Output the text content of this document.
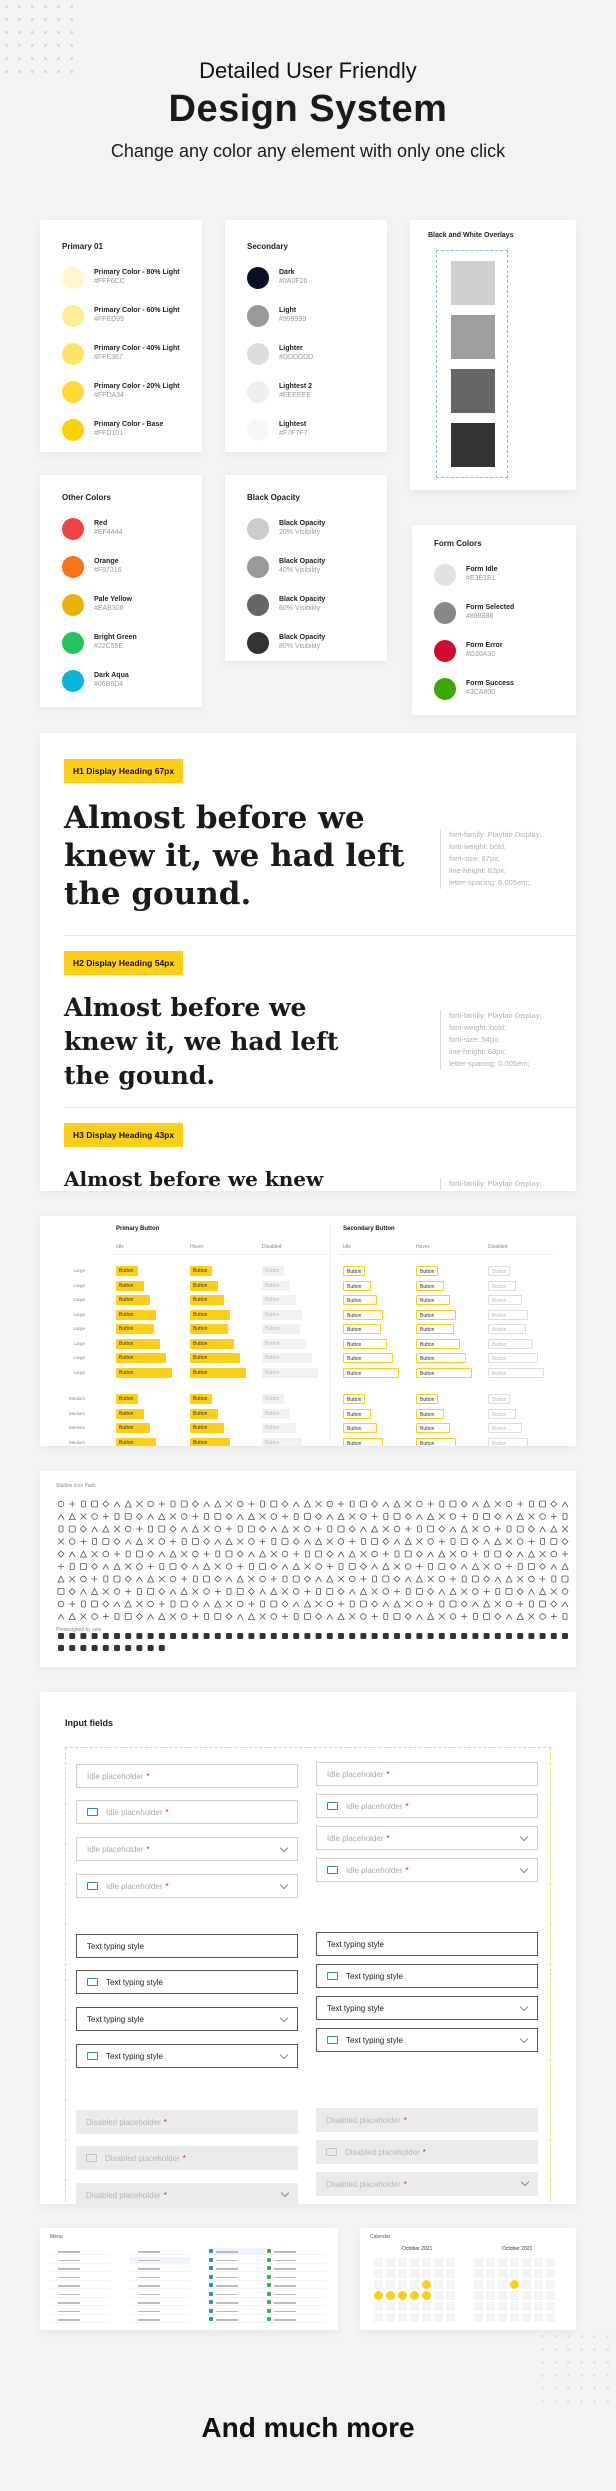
Detailed User Friendly
Design System
Change any color any element with only one click
Primary 01
Primary Color - 80% Light
#FFF6CC
Primary Color - 60% Light
#FFED99
Primary Color - 40% Light
#FFE367
Primary Color - 20% Light
#FFDA34
Primary Color - Base
#FFD101
Secondary
Dark
#0A0F26
Light
#999999
Lighter
#DDDDDD
Lightest 2
#EEEEEE
Lightest
#F7F7F7
Black and White Overlays
Other Colors
Red
#EF4444
Orange
#F97316
Pale Yellow
#EAB308
Bright Green
#22C55E
Dark Aqua
#06B6D4
Black Opacity
Black Opacity
20% Visibility
Black Opacity
40% Visibility
Black Opacity
60% Visibility
Black Opacity
80% Visibility
Form Colors
Form Idle
#E3E1E1
Form Selected
#888888
Form Error
#D20A30
Form Success
#3CA800
H1 Display Heading 67px
Almost before we knew it, we had left the gound.
font-family: Playfair Display;
font-weight: bold;
font-size: 67px;
line-height: 82px;
letter-spacing: 0.005em;
H2 Display Heading 54px
Almost before we knew it, we had left the gound.
font-family: Playfair Display;
font-weight: bold;
font-size: 54px;
line-height: 68px;
letter-spacing: 0.005em;
H3 Display Heading 43px
Almost before we knew	font-family: Playfair Display;
Primary Button	Secondary Button
Idle	Hover	Disabled	Idle	Hover	Disabled
Large	Button	Button	Button	Button	Button	Button
Large	Button	Button	Button	Button	Button	Button
Large	Button	Button	Button	Button	Button	Button
Large	Button	Button	Button	Button	Button	Button
Large	Button	Button	Button	Button	Button	Button
Large	Button	Button	Button	Button	Button	Button
Large	Button	Button	Button	Button	Button	Button
Large	Button	Button	Button	Button	Button	Button
Medium	Button	Button	Button	Button	Button	Button
Medium	Button	Button	Button	Button	Button	Button
Medium	Button	Button	Button	Button	Button	Button
Medium	Button	Button	Button	Button	Button	Button
Stalline Icon Pack
Predesigned by sets
Input fields
Idle placeholder *
Idle placeholder *
Idle placeholder *
Idle placeholder *
Idle placeholder *
Idle placeholder *
Idle placeholder *
Idle placeholder *
Text typing style
Text typing style
Text typing style
Text typing style
Text typing style
Text typing style
Text typing style
Text typing style
Disabled placeholder *
Disabled placeholder *
Disabled placeholder *
Disabled placeholder *
Disabled placeholder *
Disabled placeholder *
Menu	Calendar
October 2021	October 2021
And much more
